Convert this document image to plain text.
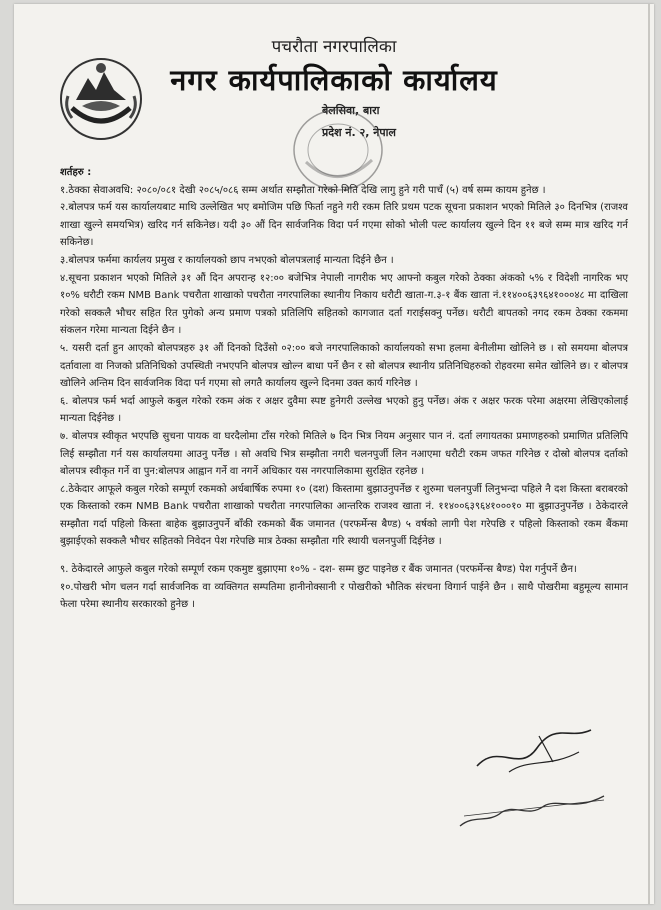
पचरौता नगरपालिका
नगर कार्यपालिकाको कार्यालय
बेलसिवा, बारा
प्रदेश नं. २, नेपाल

शर्तहरु :

१.ठेक्का सेवाअवधि: २०८०/०८१ देखी २०८५/०८६ सम्म अर्थात सम्झौता गरेको मिति देखि लागु हुने गरी पाचँ (५) वर्ष सम्म कायम हुनेछ ।

२.बोलपत्र फर्म यस कार्यालयबाट माथि उल्लेखित भए बमोजिम पछि फिर्ता नहुने गरी रकम तिरि प्रथम पटक सूचना प्रकाशन भएको मितिले ३० दिनभित्र (राजश्व शाखा खुल्ने समयभित्र) खरिद गर्न सकिनेछ। यदी ३० औं दिन सार्वजनिक विदा पर्न गएमा सोको भोली पल्ट कार्यालय खुल्ने दिन ११ बजे सम्म मात्र खरिद गर्न सकिनेछ।

३.बोलपत्र फर्ममा कार्यलय प्रमुख र कार्यालयको छाप नभएको बोलपत्रलाई मान्यता दिईने छैन ।

४.सूचना प्रकाशन भएको मितिले ३१ औं दिन अपरान्ह १२:०० बजेभित्र नेपाली नागरीक भए आफ्नो कबुल गरेको ठेक्का अंकको ५% र विदेशी नागरिक भए १०% धरौटी रकम NMB Bank पचरौता शाखाको पचरौता नगरपालिका स्थानीय निकाय धरौटी खाता-ग.३-१ बैंक खाता नं.११४००६३९६४१०००४८ मा दाखिला गरेको सक्कलै भौचर सहित रित पुगेको अन्य प्रमाण पत्रको प्रतिलिपि सहितको कागजात दर्ता गराईसक्नु पर्नेछ। धरौटी बापतको नगद रकम ठेक्का रकममा संकलन गरेमा मान्यता दिईने छैन ।

५. यसरी दर्ता हुन आएको बोलपत्रहरु ३१ औं दिनको दिउँसो ०२:०० बजे नगरपालिकाको कार्यालयको सभा हलमा बेनीलीमा खोलिने छ । सो समयमा बोलपत्र दर्तावाला वा निजको प्रतिनिधिको उपस्थिती नभएपनि बोलपत्र खोल्न बाधा पर्ने छैन र सो बोलपत्र स्थानीय प्रतिनिधिहरुको रोहवरमा समेत खोलिने छ। र बोलपत्र खोलिने अन्तिम दिन सार्वजनिक विदा पर्न गएमा सो लगतै कार्यालय खुल्ने दिनमा उक्त कार्य गरिनेछ ।

६. बोलपत्र फर्म भर्दा आफुले कबुल गरेको रकम अंक र अक्षर दुवैमा स्पष्ट हुनेगरी उल्लेख भएको हुनु पर्नेछ। अंक र अक्षर फरक परेमा अक्षरमा लेखिएकोलाई मान्यता दिईनेछ ।

७. बोलपत्र स्वीकृत भएपछि सुचना पायक वा घरदैलोमा टाँस गरेको मितिले ७ दिन भित्र नियम अनुसार पान नं. दर्ता लगायतका प्रमाणहरुको प्रमाणित प्रतिलिपि लिई सम्झौता गर्न यस कार्यालयमा आउनु पर्नेछ । सो अवधि भित्र सम्झौता नगरी चलनपुर्जी लिन नआएमा धरौटी रकम जफत गरिनेछ र दोस्रो बोलपत्र दर्ताको बोलपत्र स्वीकृत गर्ने वा पुन:बोलपत्र आह्वान गर्ने वा नगर्ने अधिकार यस नगरपालिकामा सुरक्षित रहनेछ ।

८.ठेकेदार आफूले कबुल गरेको सम्पूर्ण रकमको अर्धबार्षिक रुपमा १० (दश) किस्तामा बुझाउनुपर्नेछ र शुरुमा चलनपुर्जी लिनुभन्दा पहिले नै दश किस्ता बराबरको एक किस्ताको रकम NMB Bank पचरौता शाखाको पचरौता नगरपालिका आन्तरिक राजश्व खाता नं. ११४००६३९६४१०००१० मा बुझाउनुपर्नेछ । ठेकेदारले सम्झौता गर्दा पहिलो किस्ता बाहेक बुझाउनुपर्ने बाँकी रकमको बैंक जमानत (परफर्मेन्स बैण्ड) ५ वर्षको लागी पेश गरेपछि र पहिलो किस्ताको रकम बैंकमा बुझाईएको सक्कलै भौचर सहितको निवेदन पेश गरेपछि मात्र ठेक्का सम्झौता गरि स्थायी चलनपुर्जी दिईनेछ ।

९. ठेकेदारले आफुले कबुल गरेको सम्पूर्ण रकम एकमुष्ट बुझाएमा १०% - दश- सम्म छुट पाइनेछ र बैंक जमानत (परफर्मेन्स बैण्ड) पेश गर्नुपर्ने छैन।

१०.पोखरी भोग चलन गर्दा सार्वजनिक वा व्यक्तिगत सम्पतिमा हानीनोक्सानी र पोखरीको भौतिक संरचना विगार्न पाईने छैन । साथै पोखरीमा बहुमूल्य सामान फेला परेमा स्थानीय सरकारको हुनेछ ।
